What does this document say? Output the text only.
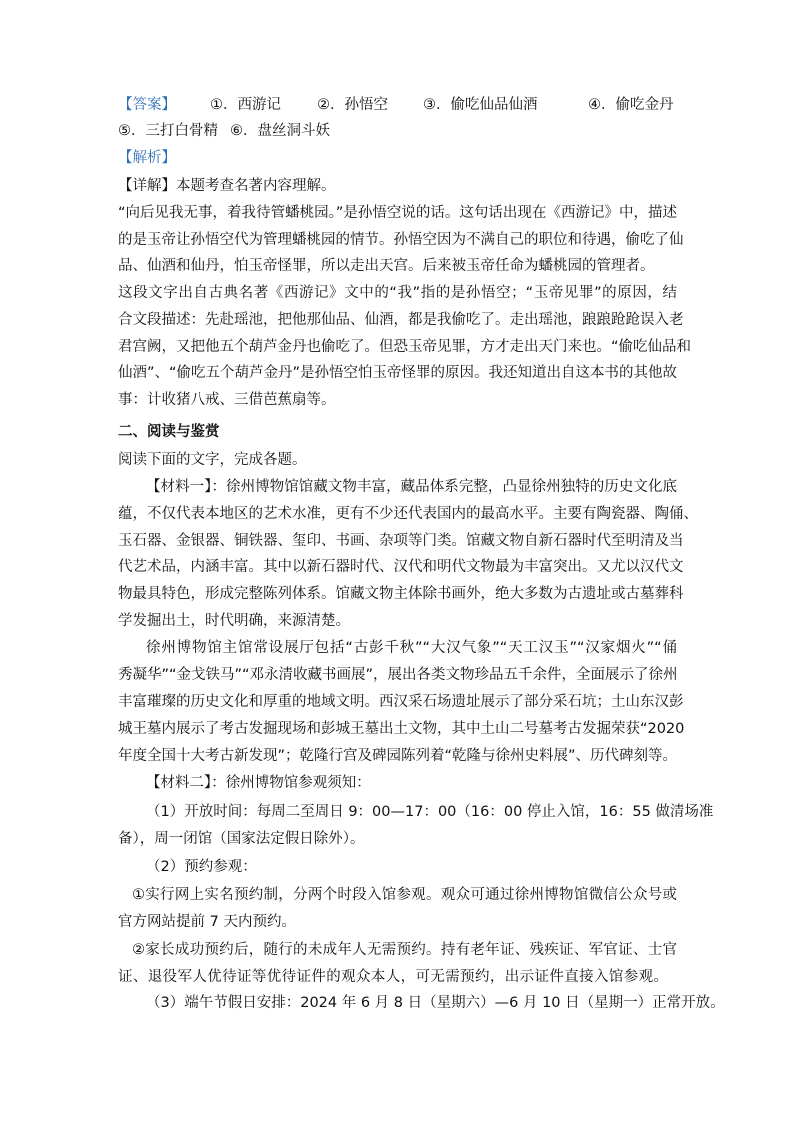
【答案】 ①．西游记 ②．孙悟空 ③．偷吃仙品仙酒	④．偷吃金丹
⑤．三打白骨精 ⑥．盘丝洞斗妖
【解析】
【详解】本题考查名著内容理解。
“向后见我无事，着我待管蟠桃园。”是孙悟空说的话。这句话出现在《西游记》中，描述
的是玉帝让孙悟空代为管理蟠桃园的情节。孙悟空因为不满自己的职位和待遇，偷吃了仙
品、仙酒和仙丹，怕玉帝怪罪，所以走出天宫。后来被玉帝任命为蟠桃园的管理者。
这段文字出自古典名著《西游记》文中的“我”指的是孙悟空；“玉帝见罪”的原因，结
合文段描述：先赴瑶池，把他那仙品、仙酒，都是我偷吃了。走出瑶池，踉踉跄跄误入老
君宫阙，又把他五个葫芦金丹也偷吃了。但恐玉帝见罪，方才走出天门来也。“偷吃仙品和
仙酒”、“偷吃五个葫芦金丹”是孙悟空怕玉帝怪罪的原因。我还知道出自这本书的其他故
事：计收猪八戒、三借芭蕉扇等。
二、阅读与鉴赏
阅读下面的文字，完成各题。
【材料一】：徐州博物馆馆藏文物丰富，藏品体系完整，凸显徐州独特的历史文化底
蕴，不仅代表本地区的艺术水准，更有不少还代表国内的最高水平。主要有陶瓷器、陶俑、
玉石器、金银器、铜铁器、玺印、书画、杂项等门类。馆藏文物自新石器时代至明清及当
代艺术品，内涵丰富。其中以新石器时代、汉代和明代文物最为丰富突出。又尤以汉代文
物最具特色，形成完整陈列体系。馆藏文物主体除书画外，绝大多数为古遗址或古墓葬科
学发掘出土，时代明确，来源清楚。
徐州博物馆主馆常设展厅包括“古彭千秋”“大汉气象”“天工汉玉”“汉家烟火”“俑
秀凝华”“金戈铁马”“邓永清收藏书画展”，展出各类文物珍品五千余件，全面展示了徐州
丰富璀璨的历史文化和厚重的地域文明。西汉采石场遗址展示了部分采石坑；土山东汉彭
城王墓内展示了考古发掘现场和彭城王墓出土文物，其中土山二号墓考古发掘荣获“2020
年度全国十大考古新发现”；乾隆行宫及碑园陈列着“乾隆与徐州史料展”、历代碑刻等。
【材料二】：徐州博物馆参观须知：
（1）开放时间：每周二至周日 9：00—17：00（16：00 停止入馆，16：55 做清场准
备），周一闭馆（国家法定假日除外）。
（2）预约参观：
①实行网上实名预约制，分两个时段入馆参观。观众可通过徐州博物馆微信公众号或
官方网站提前 7 天内预约。
②家长成功预约后，随行的未成年人无需预约。持有老年证、残疾证、军官证、士官
证、退役军人优待证等优待证件的观众本人，可无需预约，出示证件直接入馆参观。
（3）端午节假日安排：2024 年 6 月 8 日（星期六）—6 月 10 日（星期一）正常开放。
